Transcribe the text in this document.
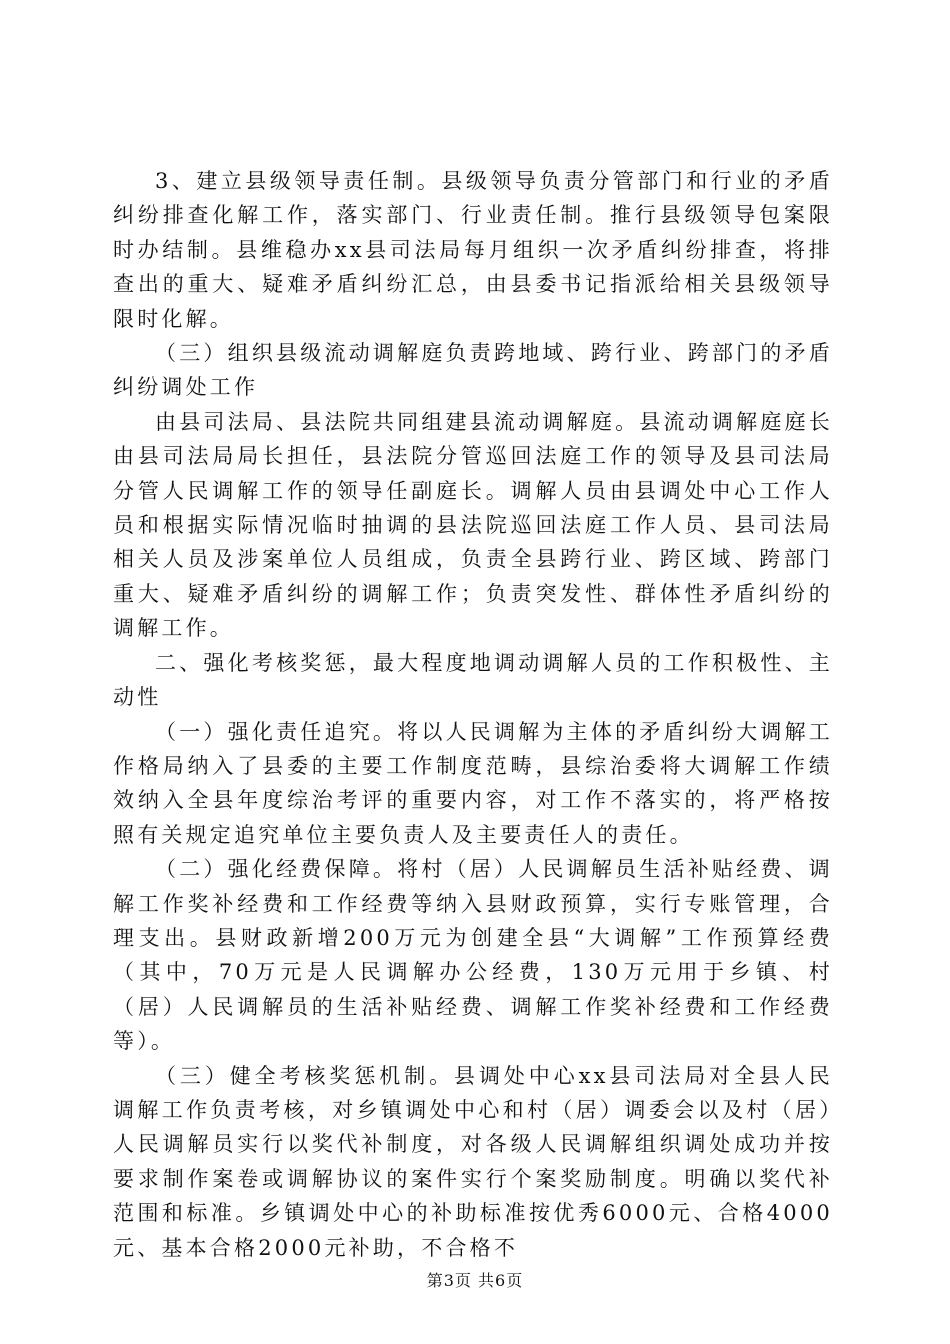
3、建立县级领导责任制。县级领导负责分管部门和行业的矛盾纠纷排查化解工作，落实部门、行业责任制。推行县级领导包案限时办结制。县维稳办xx县司法局每月组织一次矛盾纠纷排查，将排查出的重大、疑难矛盾纠纷汇总，由县委书记指派给相关县级领导限时化解。

（三）组织县级流动调解庭负责跨地域、跨行业、跨部门的矛盾纠纷调处工作

由县司法局、县法院共同组建县流动调解庭。县流动调解庭庭长由县司法局局长担任，县法院分管巡回法庭工作的领导及县司法局分管人民调解工作的领导任副庭长。调解人员由县调处中心工作人员和根据实际情况临时抽调的县法院巡回法庭工作人员、县司法局相关人员及涉案单位人员组成，负责全县跨行业、跨区域、跨部门重大、疑难矛盾纠纷的调解工作；负责突发性、群体性矛盾纠纷的调解工作。

二、强化考核奖惩，最大程度地调动调解人员的工作积极性、主动性

（一）强化责任追究。将以人民调解为主体的矛盾纠纷大调解工作格局纳入了县委的主要工作制度范畴，县综治委将大调解工作绩效纳入全县年度综治考评的重要内容，对工作不落实的，将严格按照有关规定追究单位主要负责人及主要责任人的责任。

（二）强化经费保障。将村（居）人民调解员生活补贴经费、调解工作奖补经费和工作经费等纳入县财政预算，实行专账管理，合理支出。县财政新增200万元为创建全县“大调解”工作预算经费（其中，70万元是人民调解办公经费，130万元用于乡镇、村（居）人民调解员的生活补贴经费、调解工作奖补经费和工作经费等）。

（三）健全考核奖惩机制。县调处中心xx县司法局对全县人民调解工作负责考核，对乡镇调处中心和村（居）调委会以及村（居）人民调解员实行以奖代补制度，对各级人民调解组织调处成功并按要求制作案卷或调解协议的案件实行个案奖励制度。明确以奖代补范围和标准。乡镇调处中心的补助标准按优秀6000元、合格4000元、基本合格2000元补助，不合格不

第3页 共6页
